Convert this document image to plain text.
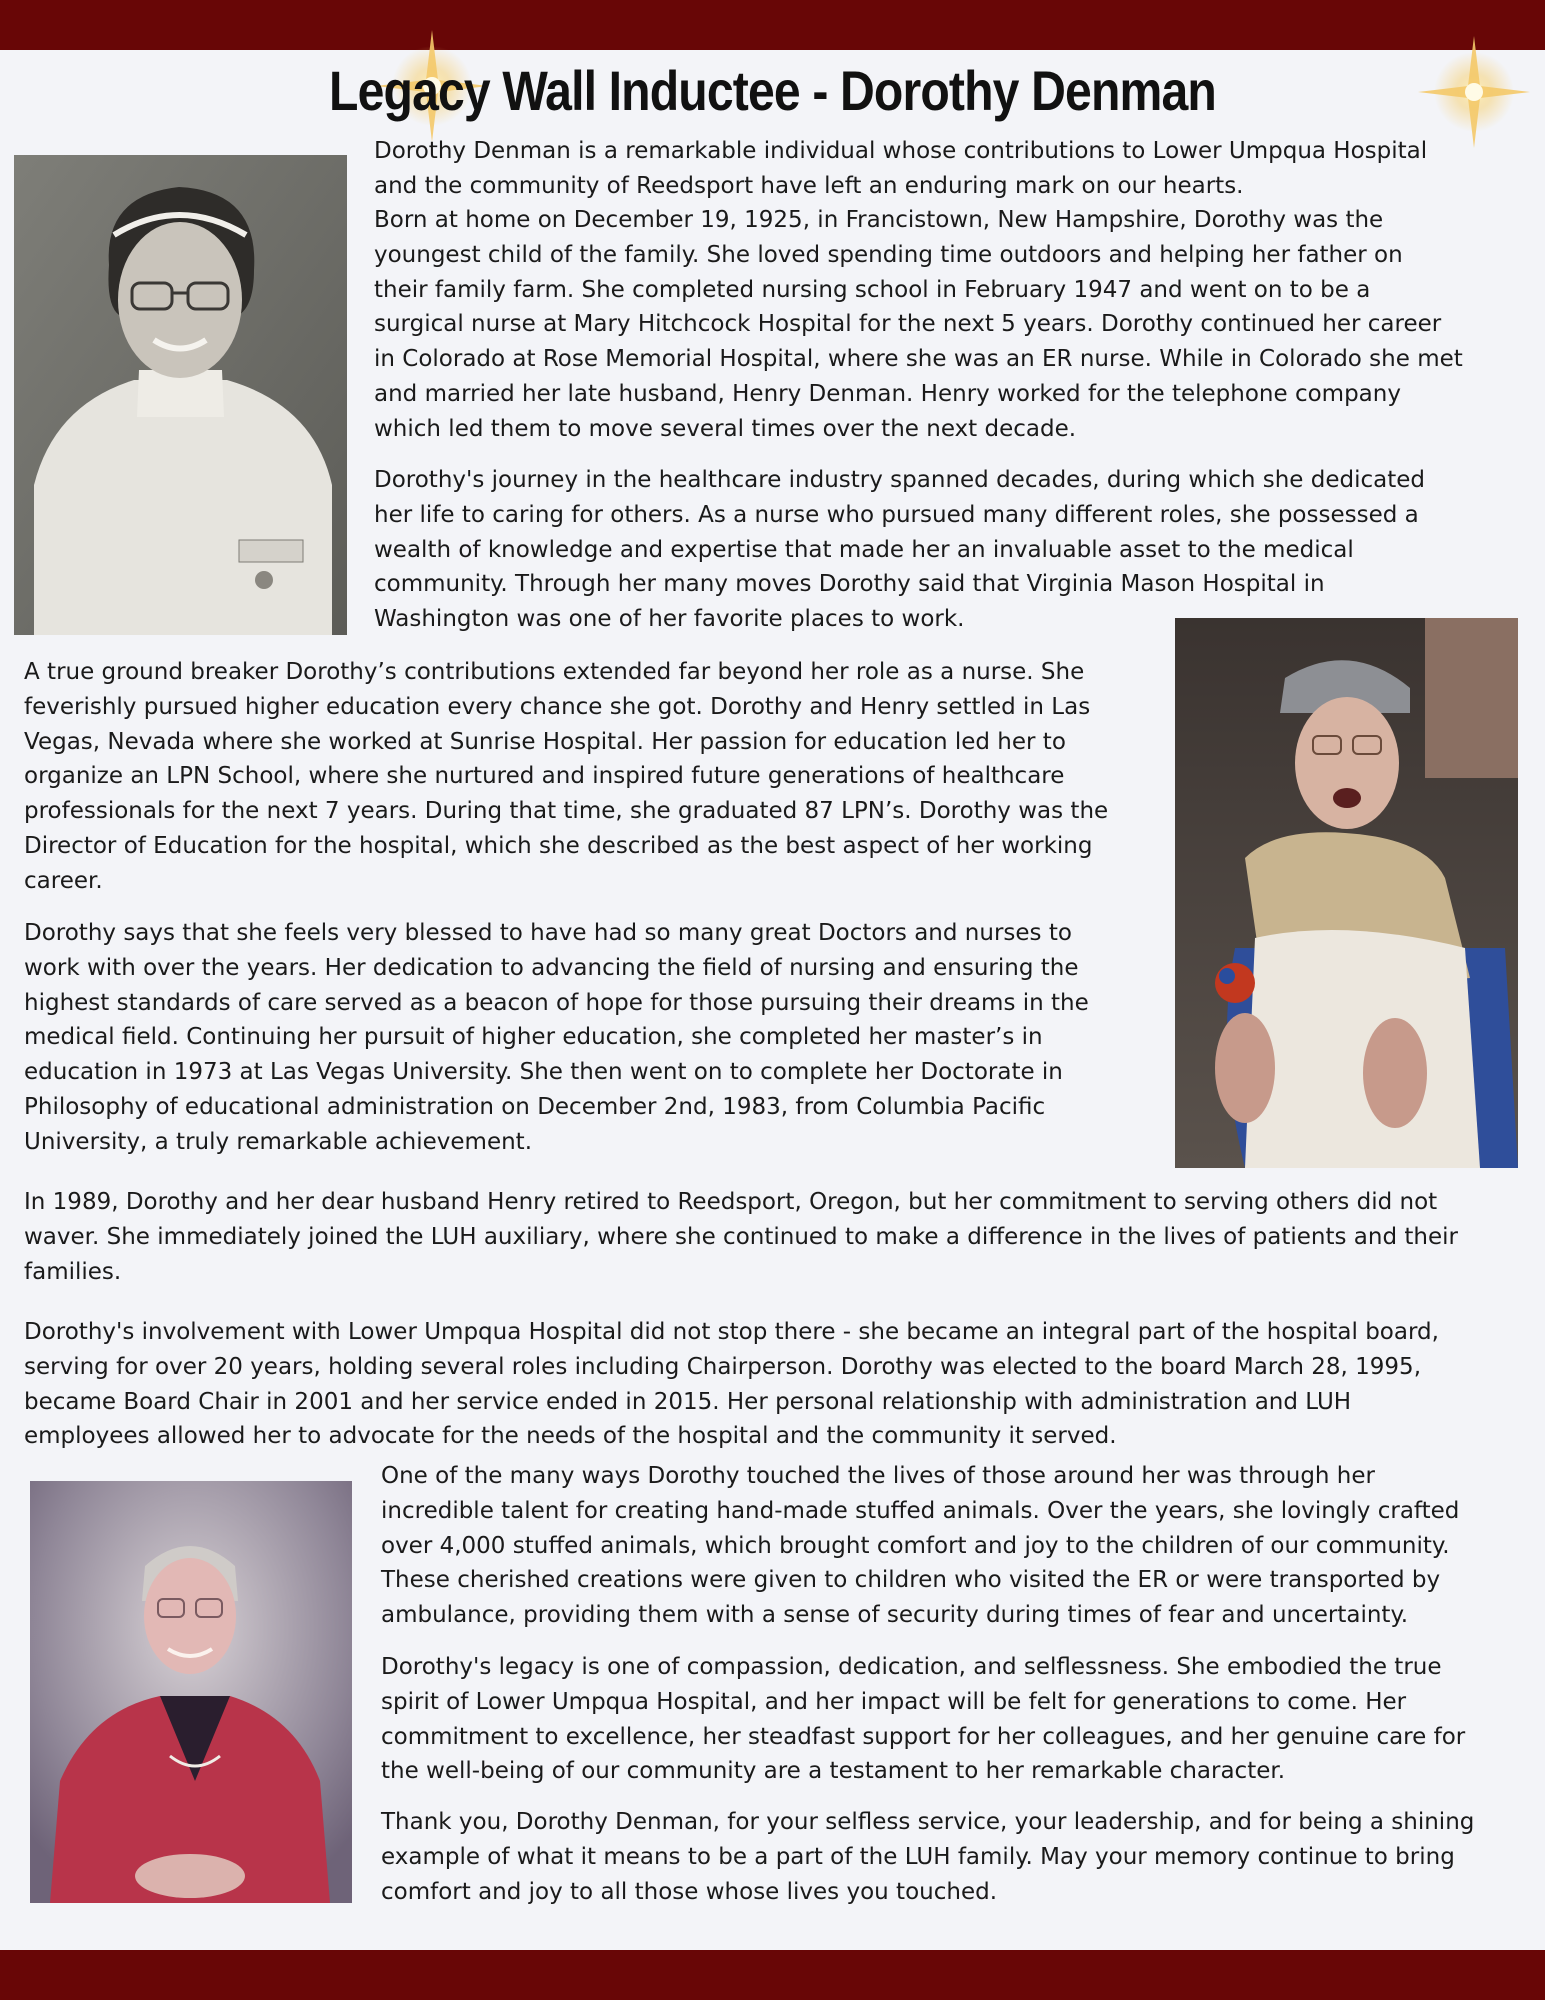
Legacy Wall Inductee - Dorothy Denman

Dorothy Denman is a remarkable individual whose contributions to Lower Umpqua Hospital
and the community of Reedsport have left an enduring mark on our hearts.

Born at home on December 19, 1925, in Francistown, New Hampshire, Dorothy was the
youngest child of the family. She loved spending time outdoors and helping her father on
their family farm. She completed nursing school in February 1947 and went on to be a
surgical nurse at Mary Hitchcock Hospital for the next 5 years. Dorothy continued her career
in Colorado at Rose Memorial Hospital, where she was an ER nurse. While in Colorado she met
and married her late husband, Henry Denman. Henry worked for the telephone company
which led them to move several times over the next decade.

Dorothy's journey in the healthcare industry spanned decades, during which she dedicated
her life to caring for others. As a nurse who pursued many different roles, she possessed a
wealth of knowledge and expertise that made her an invaluable asset to the medical
community. Through her many moves Dorothy said that Virginia Mason Hospital in
Washington was one of her favorite places to work.

A true ground breaker Dorothy’s contributions extended far beyond her role as a nurse. She
feverishly pursued higher education every chance she got. Dorothy and Henry settled in Las
Vegas, Nevada where she worked at Sunrise Hospital. Her passion for education led her to
organize an LPN School, where she nurtured and inspired future generations of healthcare
professionals for the next 7 years. During that time, she graduated 87 LPN’s. Dorothy was the
Director of Education for the hospital, which she described as the best aspect of her working
career.

Dorothy says that she feels very blessed to have had so many great Doctors and nurses to
work with over the years. Her dedication to advancing the field of nursing and ensuring the
highest standards of care served as a beacon of hope for those pursuing their dreams in the
medical field. Continuing her pursuit of higher education, she completed her master’s in
education in 1973 at Las Vegas University. She then went on to complete her Doctorate in
Philosophy of educational administration on December 2nd, 1983, from Columbia Pacific
University, a truly remarkable achievement.

In 1989, Dorothy and her dear husband Henry retired to Reedsport, Oregon, but her commitment to serving others did not
waver. She immediately joined the LUH auxiliary, where she continued to make a difference in the lives of patients and their
families.

Dorothy's involvement with Lower Umpqua Hospital did not stop there - she became an integral part of the hospital board,
serving for over 20 years, holding several roles including Chairperson. Dorothy was elected to the board March 28, 1995,
became Board Chair in 2001 and her service ended in 2015. Her personal relationship with administration and LUH
employees allowed her to advocate for the needs of the hospital and the community it served.

One of the many ways Dorothy touched the lives of those around her was through her
incredible talent for creating hand-made stuffed animals. Over the years, she lovingly crafted
over 4,000 stuffed animals, which brought comfort and joy to the children of our community.
These cherished creations were given to children who visited the ER or were transported by
ambulance, providing them with a sense of security during times of fear and uncertainty.

Dorothy's legacy is one of compassion, dedication, and selflessness. She embodied the true
spirit of Lower Umpqua Hospital, and her impact will be felt for generations to come. Her
commitment to excellence, her steadfast support for her colleagues, and her genuine care for
the well-being of our community are a testament to her remarkable character.

Thank you, Dorothy Denman, for your selfless service, your leadership, and for being a shining
example of what it means to be a part of the LUH family. May your memory continue to bring
comfort and joy to all those whose lives you touched.
